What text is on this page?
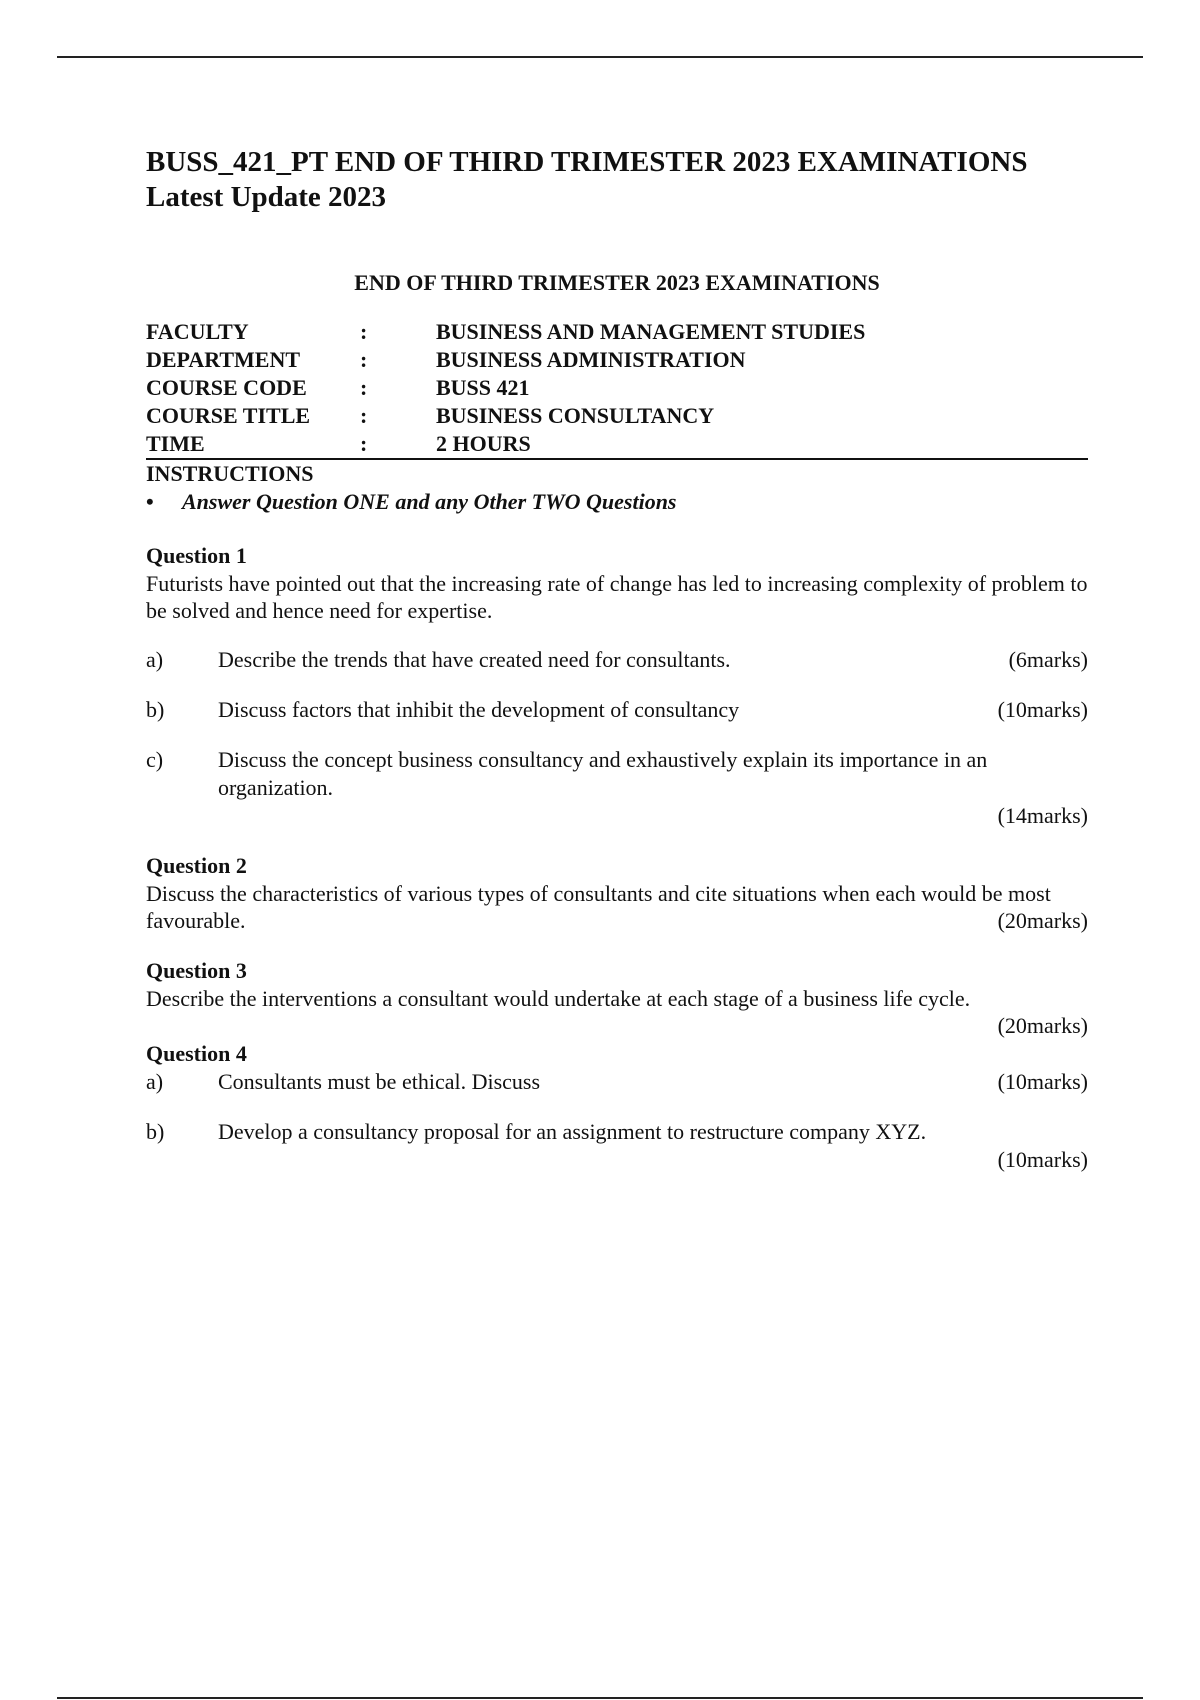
BUSS_421_PT END OF THIRD TRIMESTER 2023 EXAMINATIONS
Latest Update 2023
END OF THIRD TRIMESTER 2023 EXAMINATIONS
FACULTY	:	BUSINESS AND MANAGEMENT STUDIES
DEPARTMENT	:	BUSINESS ADMINISTRATION
COURSE CODE	:	BUSS 421
COURSE TITLE	:	BUSINESS CONSULTANCY
TIME	:	2 HOURS
INSTRUCTIONS
• Answer Question ONE and any Other TWO Questions
Question 1
Futurists have pointed out that the increasing rate of change has led to increasing complexity of problem to be solved and hence need for expertise.
a)	Describe the trends that have created need for consultants.	(6marks)
b)	Discuss factors that inhibit the development of consultancy	(10marks)
c)	Discuss the concept business consultancy and exhaustively explain its importance in an organization.
(14marks)
Question 2
Discuss the characteristics of various types of consultants and cite situations when each would be most favourable.	(20marks)
Question 3
Describe the interventions a consultant would undertake at each stage of a business life cycle.
(20marks)
Question 4
a)	Consultants must be ethical. Discuss	(10marks)
b)	Develop a consultancy proposal for an assignment to restructure company XYZ.
(10marks)
